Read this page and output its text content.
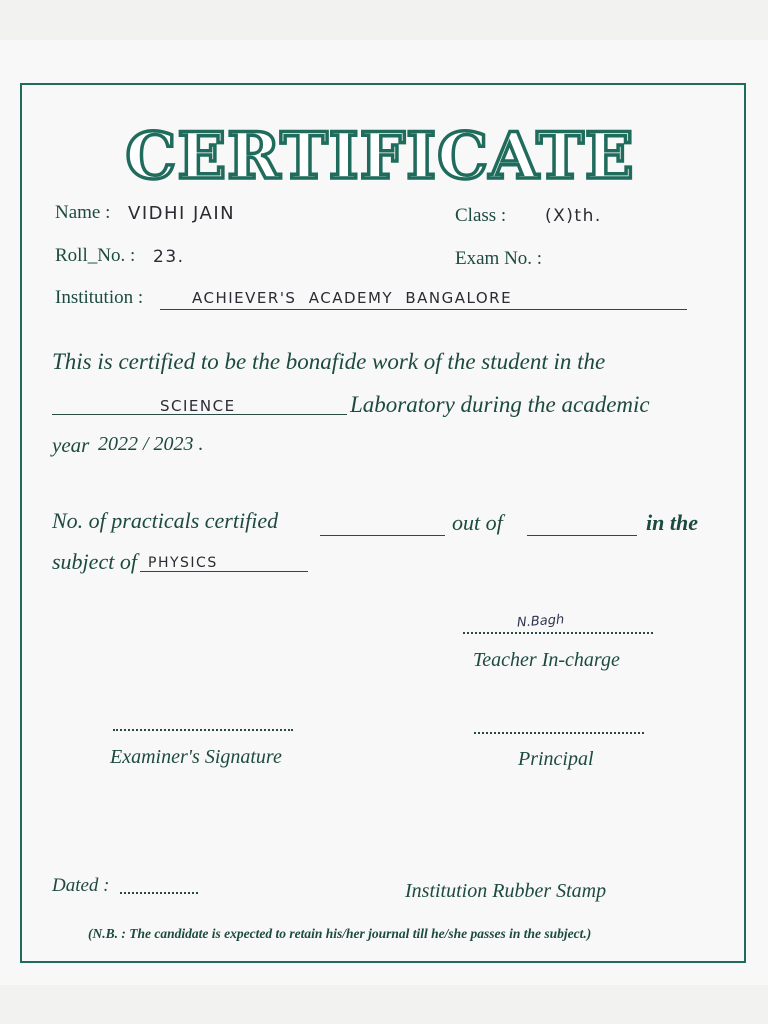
CERTIFICATE
Name : VIDHI JAIN	Class : (X)th.
Roll_No. : 23.	Exam No. :
Institution :	ACHIEVER'S ACADEMY BANGALORE
This is certified to be the bonafide work of the student in the
SCIENCE	Laboratory during the academic
year 2022 / 2023 .
No. of practicals certified	out of	in the
subject of PHYSICS
N.Bagh
Teacher In-charge
Examiner's Signature	Principal
Dated :	Institution Rubber Stamp
(N.B. : The candidate is expected to retain his/her journal till he/she passes in the subject.)
